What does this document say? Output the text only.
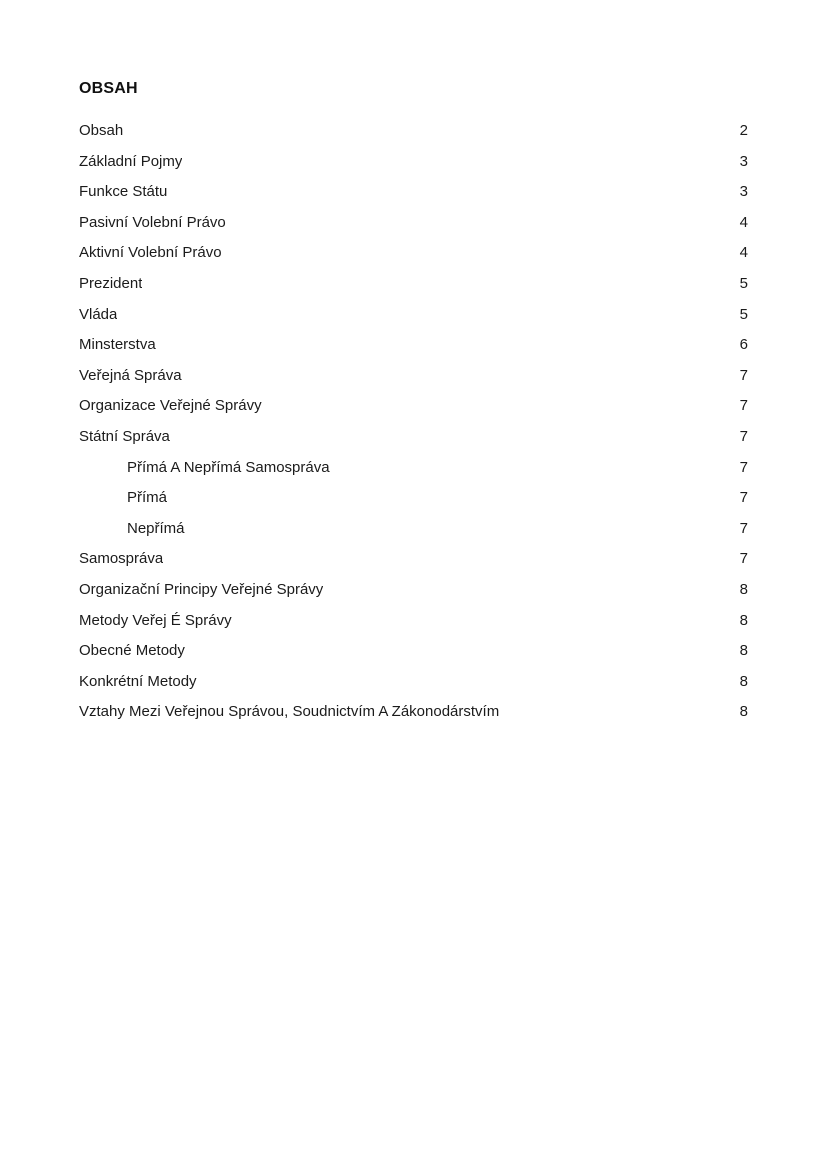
OBSAH
Obsah	2
Základní Pojmy	3
Funkce Státu	3
Pasivní Volební Právo	4
Aktivní Volební Právo	4
Prezident	5
Vláda	5
Minsterstva	6
Veřejná Správa	7
Organizace Veřejné Správy	7
Státní Správa	7
Přímá A Nepřímá Samospráva	7
Přímá	7
Nepřímá	7
Samospráva	7
Organizační Principy Veřejné Správy	8
Metody Veřej É Správy	8
Obecné Metody	8
Konkrétní Metody	8
Vztahy Mezi Veřejnou Správou, Soudnictvím A Zákonodárstvím	8
